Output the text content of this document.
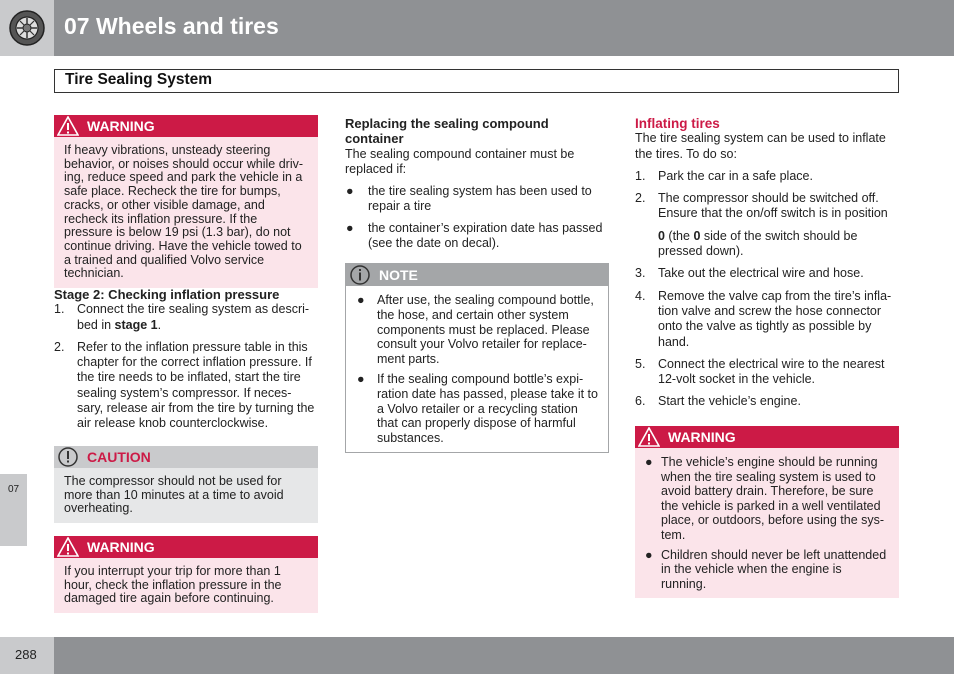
07 Wheels and tires
Tire Sealing System
07
WARNING
If heavy vibrations, unsteady steering behavior, or noises should occur while driv- ing, reduce speed and park the vehicle in a safe place. Recheck the tire for bumps, cracks, or other visible damage, and recheck its inflation pressure. If the pressure is below 19 psi (1.3 bar), do not continue driving. Have the vehicle towed to a trained and qualified Volvo service technician.

Stage 2: Checking inflation pressure

1. Connect the tire sealing system as descri- bed in stage 1.
2. Refer to the inflation pressure table in this chapter for the correct inflation pressure. If the tire needs to be inflated, start the tire sealing system’s compressor. If neces- sary, release air from the tire by turning the air release knob counterclockwise.
CAUTION
The compressor should not be used for more than 10 minutes at a time to avoid overheating.
WARNING
If you interrupt your trip for more than 1 hour, check the inflation pressure in the damaged tire again before continuing.

Replacing the sealing compound container

The sealing compound container must be replaced if:

● the tire sealing system has been used to repair a tire
● the container’s expiration date has passed (see the date on decal).
NOTE
● After use, the sealing compound bottle, the hose, and certain other system components must be replaced. Please consult your Volvo retailer for replace- ment parts.
● If the sealing compound bottle’s expi- ration date has passed, please take it to a Volvo retailer or a recycling station that can properly dispose of harmful substances.

Inflating tires

The tire sealing system can be used to inflate the tires. To do so:

1. Park the car in a safe place.
2. The compressor should be switched off. Ensure that the on/off switch is in position
0 (the 0 side of the switch should be pressed down).
3. Take out the electrical wire and hose.
4. Remove the valve cap from the tire’s infla- tion valve and screw the hose connector onto the valve as tightly as possible by hand.
5. Connect the electrical wire to the nearest 12-volt socket in the vehicle.
6. Start the vehicle’s engine.
WARNING
● The vehicle’s engine should be running when the tire sealing system is used to avoid battery drain. Therefore, be sure the vehicle is parked in a well ventilated place, or outdoors, before using the sys- tem.
● Children should never be left unattended in the vehicle when the engine is running.
288
